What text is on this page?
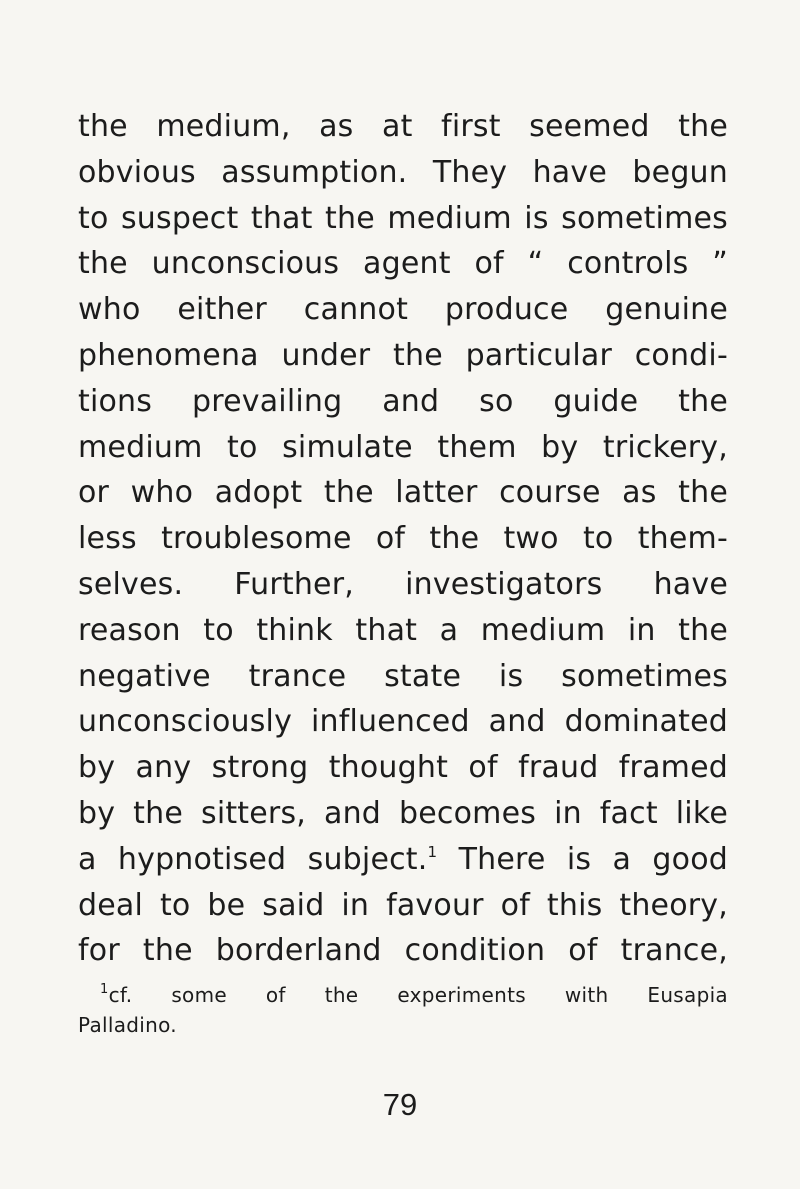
the medium, as at first seemed the
obvious assumption. They have begun
to suspect that the medium is sometimes
the unconscious agent of “ controls ”
who either cannot produce genuine
phenomena under the particular condi-
tions prevailing and so guide the
medium to simulate them by trickery,
or who adopt the latter course as the
less troublesome of the two to them-
selves. Further, investigators have
reason to think that a medium in the
negative trance state is sometimes
unconsciously influenced and dominated
by any strong thought of fraud framed
by the sitters, and becomes in fact like
a hypnotised subject.$^1$ There is a good
deal to be said in favour of this theory,
for the borderland condition of trance,
$^1$cf. some of the experiments with Eusapia
Palladino.
79
